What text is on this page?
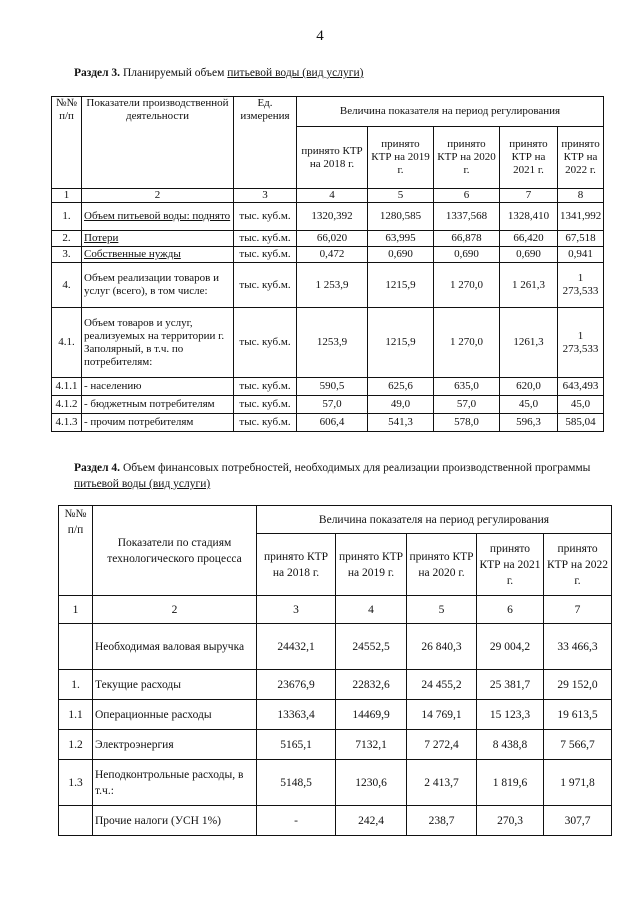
4
Раздел 3. Планируемый объем питьевой воды (вид услуги)
№№ п/п	Показатели производственной деятельности	Ед. измерения	Величина показателя на период регулирования				
			принято КТР на 2018 г.	принято КТР на 2019 г.	принято КТР на 2020 г.	принято КТР на 2021 г.	принято КТР на 2022 г.
1	2	3	4	5	6	7	8
1.	Объем питьевой воды: поднято	тыс. куб.м.	1320,392	1280,585	1337,568	1328,410	1341,992
2.	Потери	тыс. куб.м.	66,020	63,995	66,878	66,420	67,518
3.	Собственные нужды	тыс. куб.м.	0,472	0,690	0,690	0,690	0,941
4.	Объем реализации товаров и услуг (всего), в том числе:	тыс. куб.м.	1 253,9	1215,9	1 270,0	1 261,3	1 273,533
4.1.	Объем товаров и услуг, реализуемых на территории г. Заполярный, в т.ч. по потребителям:	тыс. куб.м.	1253,9	1215,9	1 270,0	1261,3	1 273,533
4.1.1	- населению	тыс. куб.м.	590,5	625,6	635,0	620,0	643,493
4.1.2	- бюджетным потребителям	тыс. куб.м.	57,0	49,0	57,0	45,0	45,0
4.1.3	- прочим потребителям	тыс. куб.м.	606,4	541,3	578,0	596,3	585,04
Раздел 4. Объем финансовых потребностей, необходимых для реализации производственной программы питьевой воды (вид услуги)
№№ п/п	Показатели по стадиям технологического процесса	Величина показателя на период регулирования				
		принято КТР на 2018 г.	принято КТР на 2019 г.	принято КТР на 2020 г.	принято КТР на 2021 г.	принято КТР на 2022 г.
1	2	3	4	5	6	7
	Необходимая валовая выручка	24432,1	24552,5	26 840,3	29 004,2	33 466,3
1.	Текущие расходы	23676,9	22832,6	24 455,2	25 381,7	29 152,0
1.1	Операционные расходы	13363,4	14469,9	14 769,1	15 123,3	19 613,5
1.2	Электроэнергия	5165,1	7132,1	7 272,4	8 438,8	7 566,7
1.3	Неподконтрольные расходы, в т.ч.:	5148,5	1230,6	2 413,7	1 819,6	1 971,8
	Прочие налоги (УСН 1%)	-	242,4	238,7	270,3	307,7
